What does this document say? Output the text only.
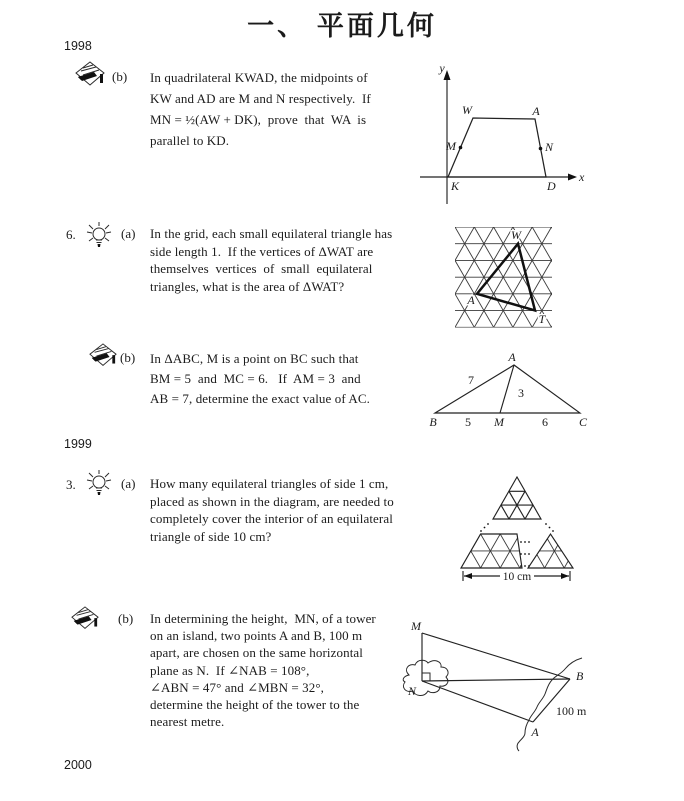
一、 平面几何
1998
1999
2000
(b) In quadrilateral KWAD, the midpoints of
KW and AD are M and N respectively.  If
MN = ½(AW + DK),  prove  that  WA  is
parallel to KD.
y
x
W	A
M	N
K	D
6.	(a) In the grid, each small equilateral triangle has
side length 1.  If the vertices of ΔWAT are
themselves  vertices  of  small  equilateral
triangles, what is the area of ΔWAT?
W
A
T
(b) In ΔABC, M is a point on BC such that
BM = 5  and  MC = 6.   If  AM = 3  and
AB = 7, determine the exact value of AC.
A
B	C
M
7
3
5	6
3.	(a) How many equilateral triangles of side 1 cm,
placed as shown in the diagram, are needed to
completely cover the interior of an equilateral
triangle of side 10 cm?
10 cm
(b) In determining the height,  MN, of a tower
on an island, two points A and B, 100 m
apart, are chosen on the same horizontal
plane as N.  If ∠NAB = 108°,
∠ABN = 47° and ∠MBN = 32°,
determine the height of the tower to the
nearest metre.
M
N
B
A
100 m
